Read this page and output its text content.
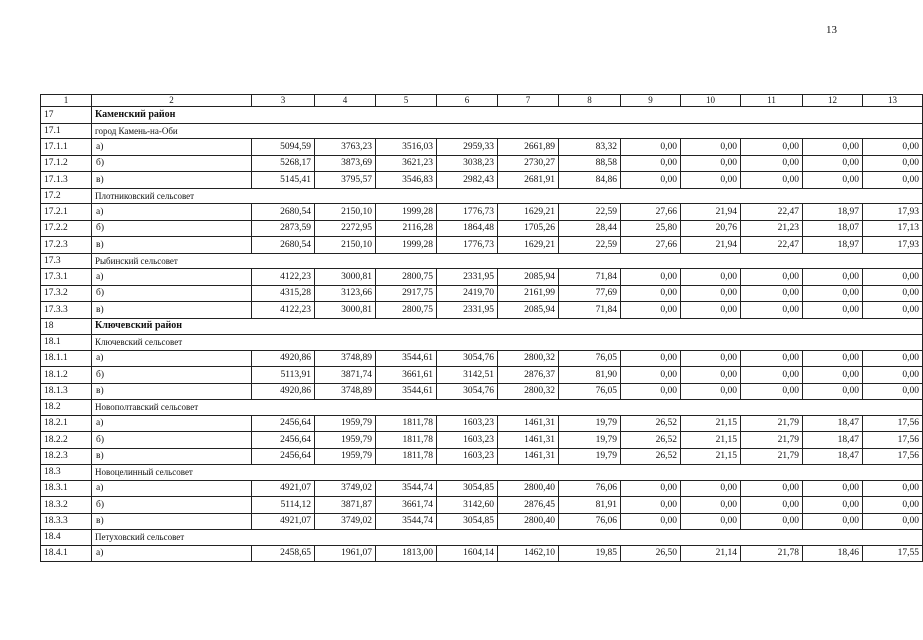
13
1	2	3	4	5	6	7	8	9	10	11	12	13
17	Каменский район											
17.1	город Камень-на-Оби											
17.1.1	а)	5094,59	3763,23	3516,03	2959,33	2661,89	83,32	0,00	0,00	0,00	0,00	0,00
17.1.2	б)	5268,17	3873,69	3621,23	3038,23	2730,27	88,58	0,00	0,00	0,00	0,00	0,00
17.1.3	в)	5145,41	3795,57	3546,83	2982,43	2681,91	84,86	0,00	0,00	0,00	0,00	0,00
17.2	Плотниковский сельсовет											
17.2.1	а)	2680,54	2150,10	1999,28	1776,73	1629,21	22,59	27,66	21,94	22,47	18,97	17,93
17.2.2	б)	2873,59	2272,95	2116,28	1864,48	1705,26	28,44	25,80	20,76	21,23	18,07	17,13
17.2.3	в)	2680,54	2150,10	1999,28	1776,73	1629,21	22,59	27,66	21,94	22,47	18,97	17,93
17.3	Рыбинский сельсовет											
17.3.1	а)	4122,23	3000,81	2800,75	2331,95	2085,94	71,84	0,00	0,00	0,00	0,00	0,00
17.3.2	б)	4315,28	3123,66	2917,75	2419,70	2161,99	77,69	0,00	0,00	0,00	0,00	0,00
17.3.3	в)	4122,23	3000,81	2800,75	2331,95	2085,94	71,84	0,00	0,00	0,00	0,00	0,00
18	Ключевский район											
18.1	Ключевский сельсовет											
18.1.1	а)	4920,86	3748,89	3544,61	3054,76	2800,32	76,05	0,00	0,00	0,00	0,00	0,00
18.1.2	б)	5113,91	3871,74	3661,61	3142,51	2876,37	81,90	0,00	0,00	0,00	0,00	0,00
18.1.3	в)	4920,86	3748,89	3544,61	3054,76	2800,32	76,05	0,00	0,00	0,00	0,00	0,00
18.2	Новополтавский сельсовет											
18.2.1	а)	2456,64	1959,79	1811,78	1603,23	1461,31	19,79	26,52	21,15	21,79	18,47	17,56
18.2.2	б)	2456,64	1959,79	1811,78	1603,23	1461,31	19,79	26,52	21,15	21,79	18,47	17,56
18.2.3	в)	2456,64	1959,79	1811,78	1603,23	1461,31	19,79	26,52	21,15	21,79	18,47	17,56
18.3	Новоцелинный сельсовет											
18.3.1	а)	4921,07	3749,02	3544,74	3054,85	2800,40	76,06	0,00	0,00	0,00	0,00	0,00
18.3.2	б)	5114,12	3871,87	3661,74	3142,60	2876,45	81,91	0,00	0,00	0,00	0,00	0,00
18.3.3	в)	4921,07	3749,02	3544,74	3054,85	2800,40	76,06	0,00	0,00	0,00	0,00	0,00
18.4	Петуховский сельсовет											
18.4.1	а)	2458,65	1961,07	1813,00	1604,14	1462,10	19,85	26,50	21,14	21,78	18,46	17,55
